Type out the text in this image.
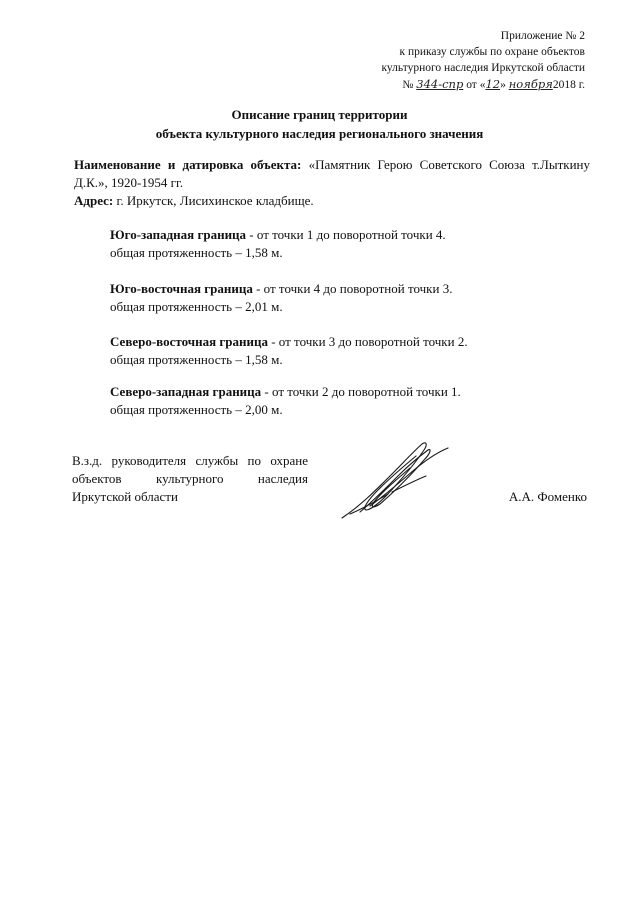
Приложение № 2
к приказу службы по охране объектов
культурного наследия Иркутской области
№ 344-спр от «12» ноября2018 г.
Описание границ территории
объекта культурного наследия регионального значения
Наименование и датировка объекта: «Памятник Герою Советского Союза т.Лыткину Д.К.», 1920-1954 гг.
Адрес: г. Иркутск, Лисихинское кладбище.
Юго-западная граница - от точки 1 до поворотной точки 4.
общая протяженность – 1,58 м.
Юго-восточная граница - от точки 4 до поворотной точки 3.
общая протяженность – 2,01 м.
Северо-восточная граница - от точки 3 до поворотной точки 2.
общая протяженность – 1,58 м.
Северо-западная граница - от точки 2 до поворотной точки 1.
общая протяженность – 2,00 м.
В.з.д. руководителя службы по охране объектов культурного наследия Иркутской области	А.А. Фоменко
